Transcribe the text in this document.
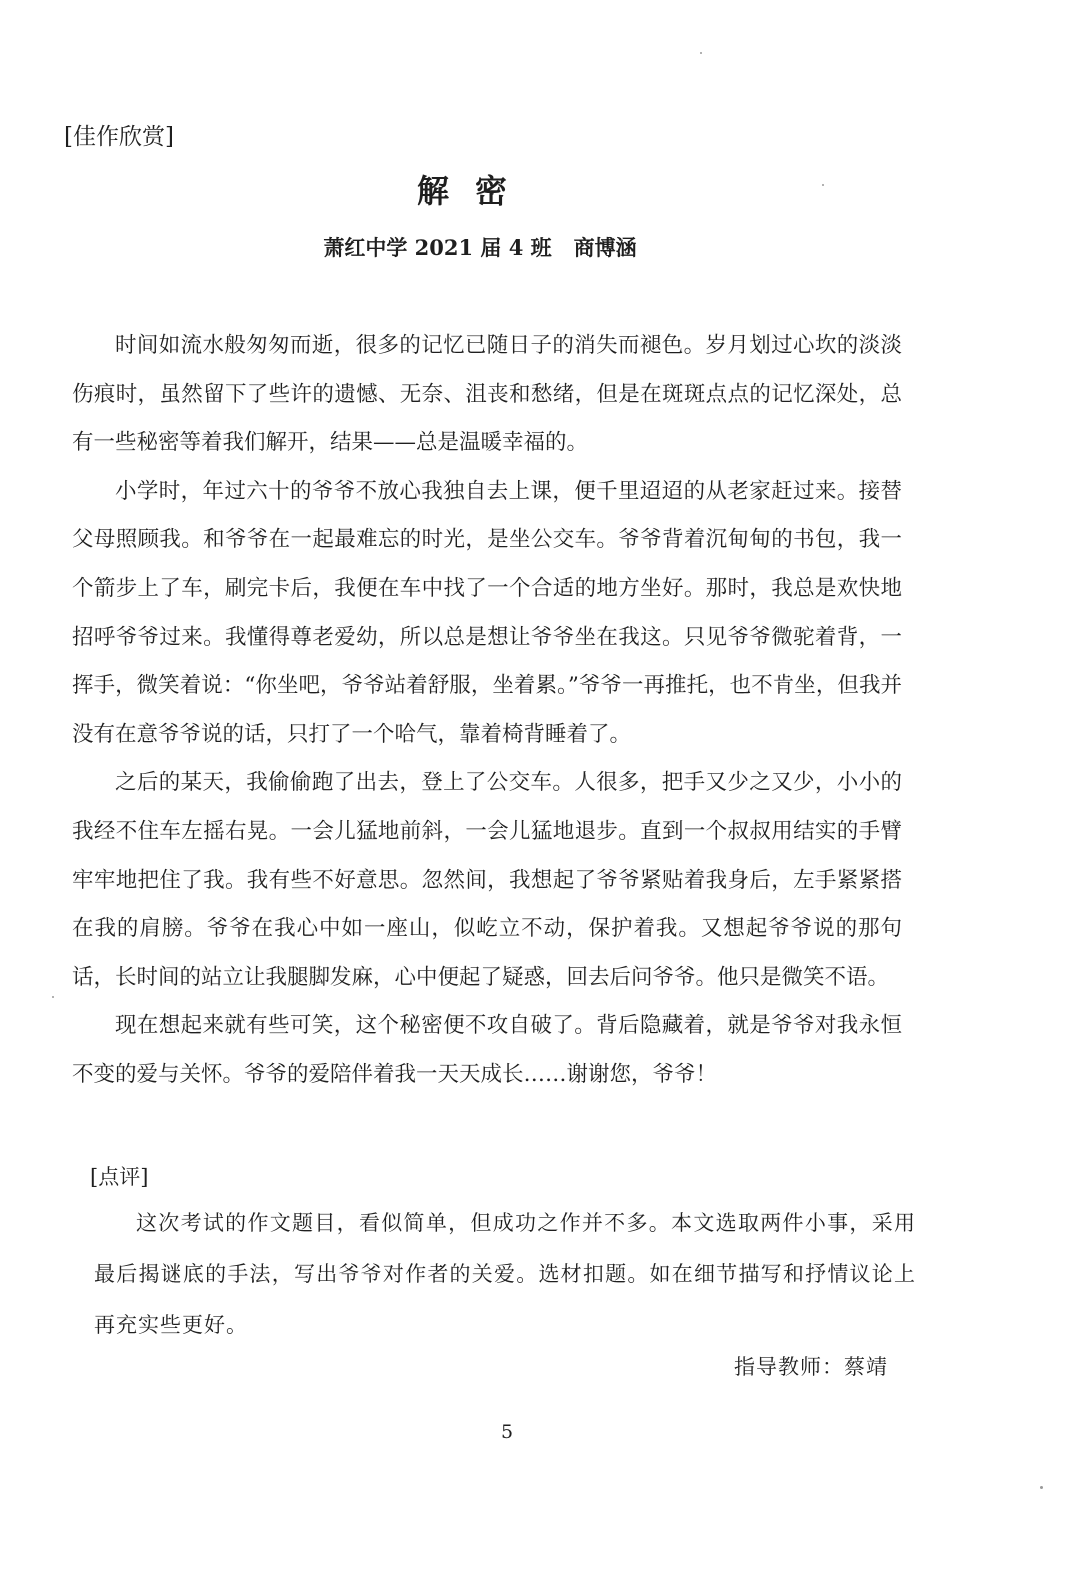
[佳作欣赏]
解密
萧红中学 2021 届 4 班 商博涵

时间如流水般匆匆而逝，很多的记忆已随日子的消失而褪色。岁月划过心坎的淡淡伤痕时，虽然留下了些许的遗憾、无奈、沮丧和愁绪，但是在斑斑点点的记忆深处，总有一些秘密等着我们解开，结果——总是温暖幸福的。

小学时，年过六十的爷爷不放心我独自去上课，便千里迢迢的从老家赶过来。接替父母照顾我。和爷爷在一起最难忘的时光，是坐公交车。爷爷背着沉甸甸的书包，我一个箭步上了车，刷完卡后，我便在车中找了一个合适的地方坐好。那时，我总是欢快地招呼爷爷过来。我懂得尊老爱幼，所以总是想让爷爷坐在我这。只见爷爷微驼着背，一挥手，微笑着说：“你坐吧，爷爷站着舒服，坐着累。”爷爷一再推托，也不肯坐，但我并没有在意爷爷说的话，只打了一个哈气，靠着椅背睡着了。

之后的某天，我偷偷跑了出去，登上了公交车。人很多，把手又少之又少，小小的我经不住车左摇右晃。一会儿猛地前斜，一会儿猛地退步。直到一个叔叔用结实的手臂牢牢地把住了我。我有些不好意思。忽然间，我想起了爷爷紧贴着我身后，左手紧紧搭在我的肩膀。爷爷在我心中如一座山，似屹立不动，保护着我。又想起爷爷说的那句话，长时间的站立让我腿脚发麻，心中便起了疑惑，回去后问爷爷。他只是微笑不语。

现在想起来就有些可笑，这个秘密便不攻自破了。背后隐藏着，就是爷爷对我永恒不变的爱与关怀。爷爷的爱陪伴着我一天天成长……谢谢您，爷爷！

[点评]

这次考试的作文题目，看似简单，但成功之作并不多。本文选取两件小事，采用最后揭谜底的手法，写出爷爷对作者的关爱。选材扣题。如在细节描写和抒情议论上再充实些更好。

指导教师：蔡靖
5
